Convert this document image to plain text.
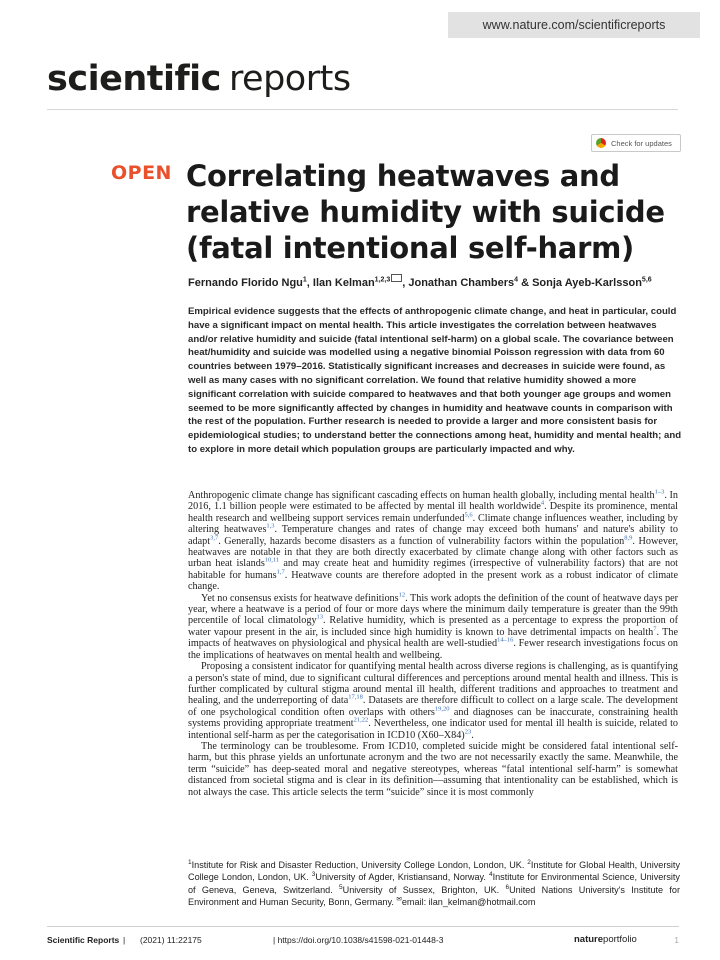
www.nature.com/scientificreports
scientific reports
Check for updates
OPEN Correlating heatwaves and relative humidity with suicide (fatal intentional self-harm)
Fernando Florido Ngu$^1$, Ilan Kelman$^{1,2,3}$ , Jonathan Chambers$^4$ & Sonja Ayeb-Karlsson$^{5,6}$

Empirical evidence suggests that the effects of anthropogenic climate change, and heat in particular, could have a significant impact on mental health. This article investigates the correlation between heatwaves and/or relative humidity and suicide (fatal intentional self-harm) on a global scale. The covariance between heat/humidity and suicide was modelled using a negative binomial Poisson regression with data from 60 countries between 1979–2016. Statistically significant increases and decreases in suicide were found, as well as many cases with no significant correlation. We found that relative humidity showed a more significant correlation with suicide compared to heatwaves and that both younger age groups and women seemed to be more significantly affected by changes in humidity and heatwave counts in comparison with the rest of the population. Further research is needed to provide a larger and more consistent basis for epidemiological studies; to understand better the connections among heat, humidity and mental health; and to explore in more detail which population groups are particularly impacted and why.

Anthropogenic climate change has significant cascading effects on human health globally, including mental health$^{1-3}$. In 2016, 1.1 billion people were estimated to be affected by mental ill health worldwide$^4$. Despite its prominence, mental health research and wellbeing support services remain underfunded$^{5,6}$. Climate change influences weather, including by altering heatwaves$^{1,3}$. Temperature changes and rates of change may exceed both humans' and nature's ability to adapt$^{3,7}$. Generally, hazards become disasters as a function of vulnerability factors within the population$^{8,9}$. However, heatwaves are notable in that they are both directly exacerbated by climate change along with other factors such as urban heat islands$^{10,11}$ and may create heat and humidity regimes (irrespective of vulnerability factors) that are not habitable for humans$^{1,7}$. Heatwave counts are therefore adopted in the present work as a robust indicator of climate change.

Yet no consensus exists for heatwave definitions$^{12}$. This work adopts the definition of the count of heatwave days per year, where a heatwave is a period of four or more days where the minimum daily temperature is greater than the 99th percentile of local climatology$^{13}$. Relative humidity, which is presented as a percentage to express the proportion of water vapour present in the air, is included since high humidity is known to have detrimental impacts on health$^7$. The impacts of heatwaves on physiological and physical health are well-studied$^{14-16}$. Fewer research investigations focus on the implications of heatwaves on mental health and wellbeing.

Proposing a consistent indicator for quantifying mental health across diverse regions is challenging, as is quantifying a person's state of mind, due to significant cultural differences and perceptions around mental health and illness. This is further complicated by cultural stigma around mental ill health, different traditions and approaches to treatment and healing, and the underreporting of data$^{17,18}$. Datasets are therefore difficult to collect on a large scale. The development of one psychological condition often overlaps with others$^{19,20}$ and diagnoses can be inaccurate, constraining health systems providing appropriate treatment$^{21,22}$. Nevertheless, one indicator used for mental ill health is suicide, related to intentional self-harm as per the categorisation in ICD10 $(X60-X84)^{23}$.

The terminology can be troublesome. From ICD10, completed suicide might be considered fatal intentional self-harm, but this phrase yields an unfortunate acronym and the two are not necessarily exactly the same. Meanwhile, the term “suicide” has deep-seated moral and negative stereotypes, whereas “fatal intentional self-harm” is somewhat distanced from societal stigma and is clear in its definition—assuming that intentionality can be established, which is not always the case. This article selects the term “suicide” since it is most commonly

$^1$Institute for Risk and Disaster Reduction, University College London, London, UK. $^2$Institute for Global Health, University College London, London, UK. $^3$University of Agder, Kristiansand, Norway. $^4$Institute for Environmental Science, University of Geneva, Geneva, Switzerland. $^5$University of Sussex, Brighton, UK. $^6$United Nations University's Institute for Environment and Human Security, Bonn, Germany. ✉email: ilan_kelman@hotmail.com

Scientific Reports | (2021) 11:22175	| https://doi.org/10.1038/s41598-021-01448-3	natureportfolio	1
